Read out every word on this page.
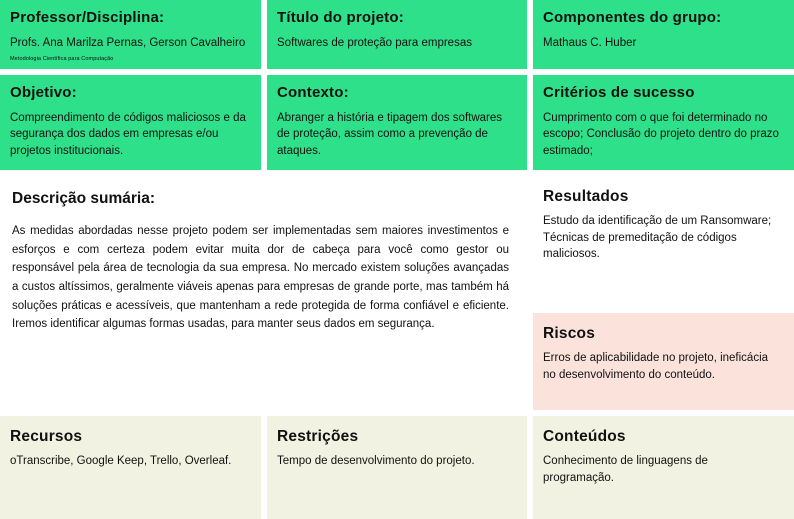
Professor/Disciplina:
Profs. Ana Marilza Pernas, Gerson Cavalheiro
Metodologia Científica para Computação
Título do projeto:
Softwares de proteção para empresas
Componentes do grupo:
Mathaus C. Huber
Objetivo:
Compreendimento de códigos maliciosos e da segurança dos dados em empresas e/ou projetos institucionais.
Contexto:
Abranger a história e tipagem dos softwares de proteção, assim como a prevenção de ataques.
Critérios de sucesso
Cumprimento com o que foi determinado no escopo; Conclusão do projeto dentro do prazo estimado;
Descrição sumária:
As medidas abordadas nesse projeto podem ser implementadas sem maiores investimentos e esforços e com certeza podem evitar muita dor de cabeça para você como gestor ou responsável pela área de tecnologia da sua empresa. No mercado existem soluções avançadas a custos altíssimos, geralmente viáveis apenas para empresas de grande porte, mas também há soluções práticas e acessíveis, que mantenham a rede protegida de forma confiável e eficiente. Iremos identificar algumas formas usadas, para manter seus dados em segurança.
Resultados
Estudo da identificação de um Ransomware; Técnicas de premeditação de códigos maliciosos.
Riscos
Erros de aplicabilidade no projeto, ineficácia no desenvolvimento do conteúdo.
Recursos
oTranscribe, Google Keep, Trello, Overleaf.
Restrições
Tempo de desenvolvimento do projeto.
Conteúdos
Conhecimento de linguagens de programação.
